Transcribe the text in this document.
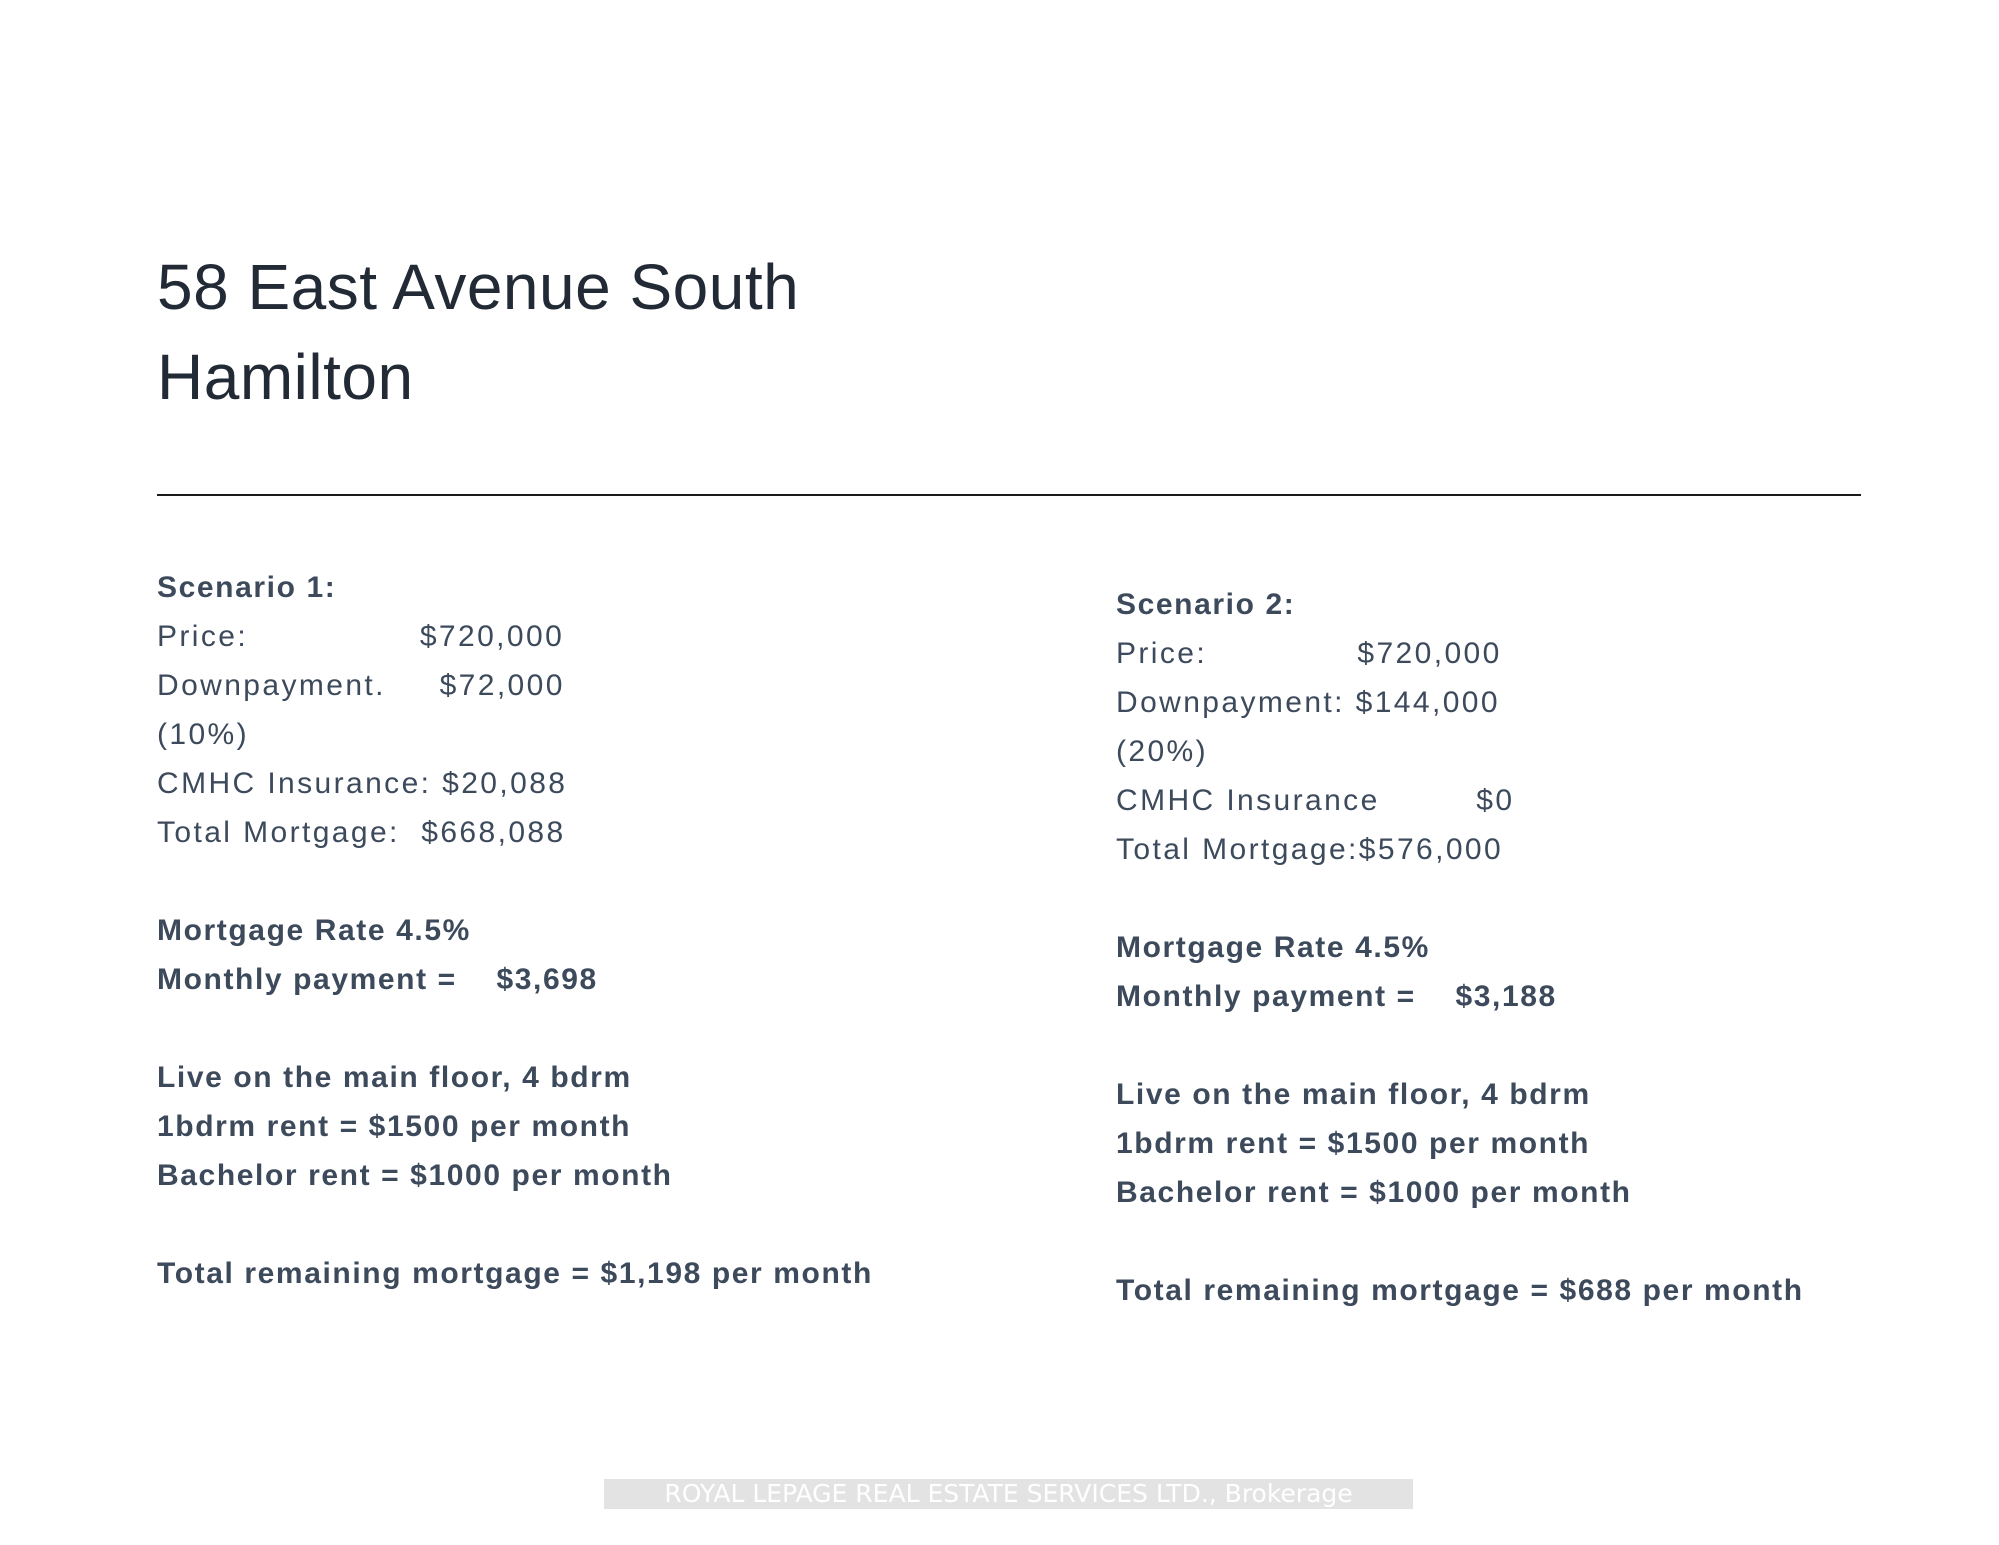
58 East Avenue South
Hamilton
Scenario 1:
Price:                $720,000
Downpayment.     $72,000
(10%)
CMHC Insurance: $20,088
Total Mortgage:  $668,088
Mortgage Rate 4.5%
Monthly payment =    $3,698
Live on the main floor, 4 bdrm
1bdrm rent = $1500 per month
Bachelor rent = $1000 per month
Total remaining mortgage = $1,198 per month
Scenario 2:
Price:              $720,000
Downpayment: $144,000
(20%)
CMHC Insurance         $0
Total Mortgage:$576,000
Mortgage Rate 4.5%
Monthly payment =    $3,188
Live on the main floor, 4 bdrm
1bdrm rent = $1500 per month
Bachelor rent = $1000 per month
Total remaining mortgage = $688 per month
ROYAL LEPAGE REAL ESTATE SERVICES LTD., Brokerage
